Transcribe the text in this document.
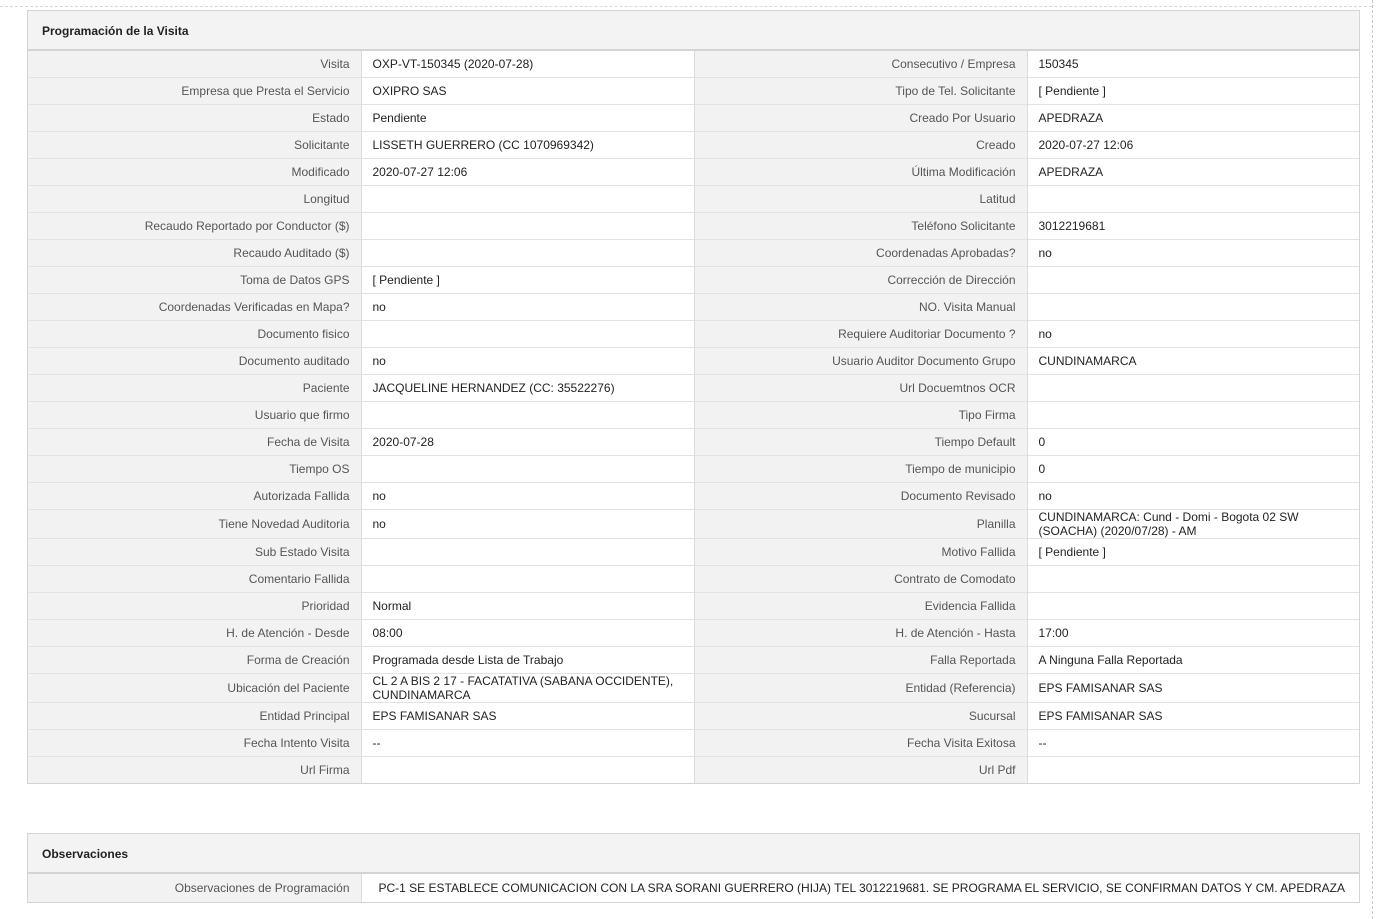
Programación de la Visita
Visita	OXP-VT-150345 (2020-07-28)	Consecutivo / Empresa	150345
Empresa que Presta el Servicio	OXIPRO SAS	Tipo de Tel. Solicitante	[ Pendiente ]
Estado	Pendiente	Creado Por Usuario	APEDRAZA
Solicitante	LISSETH GUERRERO (CC 1070969342)	Creado	2020-07-27 12:06
Modificado	2020-07-27 12:06	Última Modificación	APEDRAZA
Longitud		Latitud	
Recaudo Reportado por Conductor ($)		Teléfono Solicitante	3012219681
Recaudo Auditado ($)		Coordenadas Aprobadas?	no
Toma de Datos GPS	[ Pendiente ]	Corrección de Dirección	
Coordenadas Verificadas en Mapa?	no	NO. Visita Manual	
Documento fisico		Requiere Auditoriar Documento ?	no
Documento auditado	no	Usuario Auditor Documento Grupo	CUNDINAMARCA
Paciente	JACQUELINE HERNANDEZ (CC: 35522276)	Url Docuemtnos OCR	
Usuario que firmo		Tipo Firma	
Fecha de Visita	2020-07-28	Tiempo Default	0
Tiempo OS		Tiempo de municipio	0
Autorizada Fallida	no	Documento Revisado	no
Tiene Novedad Auditoria	no	Planilla	CUNDINAMARCA: Cund - Domi - Bogota 02 SW (SOACHA) (2020/07/28) - AM
Sub Estado Visita		Motivo Fallida	[ Pendiente ]
Comentario Fallida		Contrato de Comodato	
Prioridad	Normal	Evidencia Fallida	
H. de Atención - Desde	08:00	H. de Atención - Hasta	17:00
Forma de Creación	Programada desde Lista de Trabajo	Falla Reportada	A Ninguna Falla Reportada
Ubicación del Paciente	CL 2 A BIS 2 17 - FACATATIVA (SABANA OCCIDENTE), CUNDINAMARCA	Entidad (Referencia)	EPS FAMISANAR SAS
Entidad Principal	EPS FAMISANAR SAS	Sucursal	EPS FAMISANAR SAS
Fecha Intento Visita	--	Fecha Visita Exitosa	--
Url Firma		Url Pdf	
Observaciones
Observaciones de Programación	PC-1 SE ESTABLECE COMUNICACION CON LA SRA SORANI GUERRERO (HIJA) TEL 3012219681. SE PROGRAMA EL SERVICIO, SE CONFIRMAN DATOS Y CM. APEDRAZA
